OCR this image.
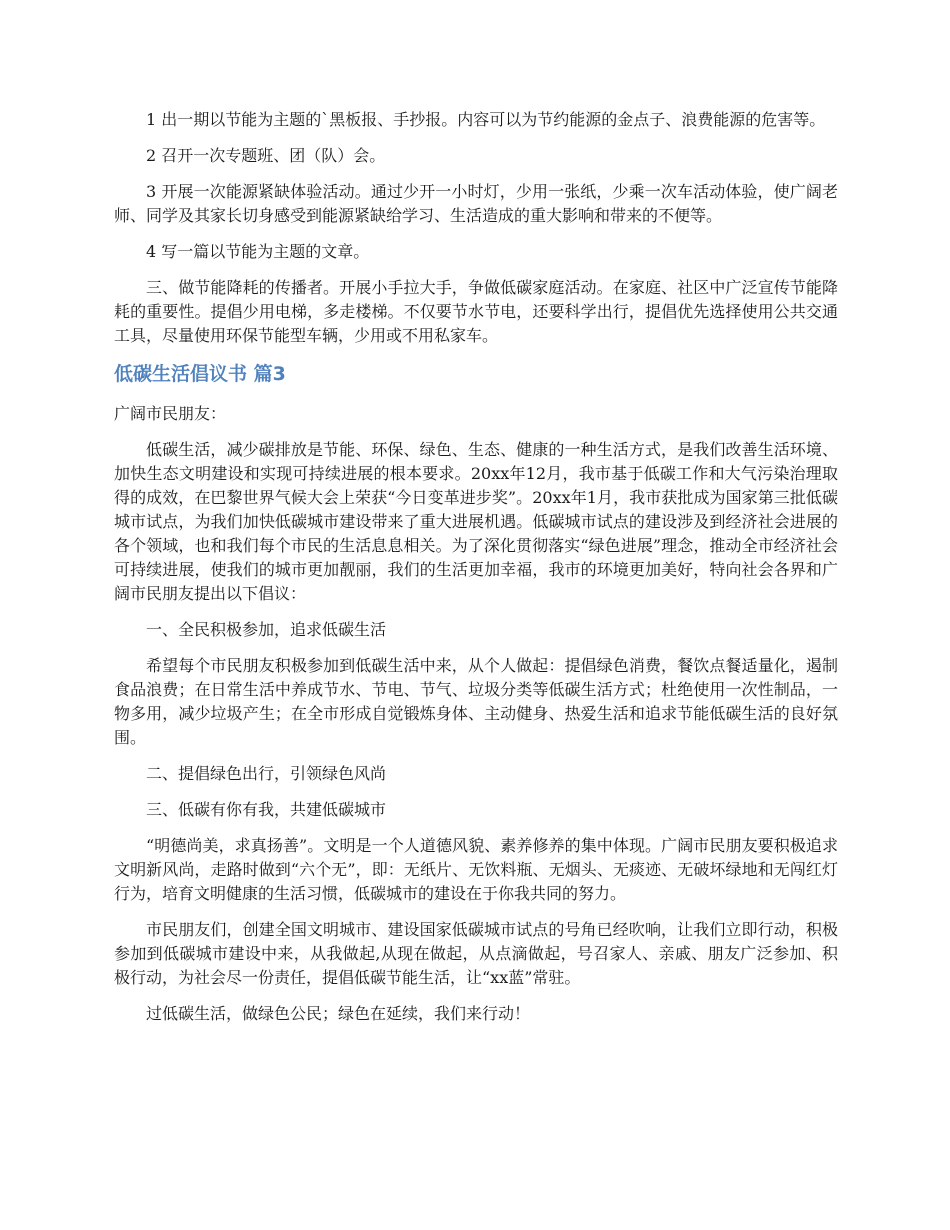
1 出一期以节能为主题的`黑板报、手抄报。内容可以为节约能源的金点子、浪费能源的危害等。

2 召开一次专题班、团（队）会。

3 开展一次能源紧缺体验活动。通过少开一小时灯，少用一张纸，少乘一次车活动体验，使广阔老师、同学及其家长切身感受到能源紧缺给学习、生活造成的重大影响和带来的不便等。

4 写一篇以节能为主题的文章。

三、做节能降耗的传播者。开展小手拉大手，争做低碳家庭活动。在家庭、社区中广泛宣传节能降耗的重要性。提倡少用电梯，多走楼梯。不仅要节水节电，还要科学出行，提倡优先选择使用公共交通工具，尽量使用环保节能型车辆，少用或不用私家车。

低碳生活倡议书 篇3

广阔市民朋友：

低碳生活，减少碳排放是节能、环保、绿色、生态、健康的一种生活方式，是我们改善生活环境、加快生态文明建设和实现可持续进展的根本要求。20xx年12月，我市基于低碳工作和大气污染治理取得的成效，在巴黎世界气候大会上荣获“今日变革进步奖”。20xx年1月，我市获批成为国家第三批低碳城市试点，为我们加快低碳城市建设带来了重大进展机遇。低碳城市试点的建设涉及到经济社会进展的各个领域，也和我们每个市民的生活息息相关。为了深化贯彻落实“绿色进展”理念，推动全市经济社会可持续进展，使我们的城市更加靓丽，我们的生活更加幸福，我市的环境更加美好，特向社会各界和广阔市民朋友提出以下倡议：

一、全民积极参加，追求低碳生活

希望每个市民朋友积极参加到低碳生活中来，从个人做起：提倡绿色消费，餐饮点餐适量化，遏制食品浪费；在日常生活中养成节水、节电、节气、垃圾分类等低碳生活方式；杜绝使用一次性制品，一物多用，减少垃圾产生；在全市形成自觉锻炼身体、主动健身、热爱生活和追求节能低碳生活的良好氛围。

二、提倡绿色出行，引领绿色风尚

三、低碳有你有我，共建低碳城市

“明德尚美，求真扬善”。文明是一个人道德风貌、素养修养的集中体现。广阔市民朋友要积极追求文明新风尚，走路时做到“六个无”，即：无纸片、无饮料瓶、无烟头、无痰迹、无破坏绿地和无闯红灯行为，培育文明健康的生活习惯，低碳城市的建设在于你我共同的努力。

市民朋友们，创建全国文明城市、建设国家低碳城市试点的号角已经吹响，让我们立即行动，积极参加到低碳城市建设中来，从我做起,从现在做起，从点滴做起，号召家人、亲戚、朋友广泛参加、积极行动，为社会尽一份责任，提倡低碳节能生活，让“xx蓝”常驻。

过低碳生活，做绿色公民；绿色在延续，我们来行动！
